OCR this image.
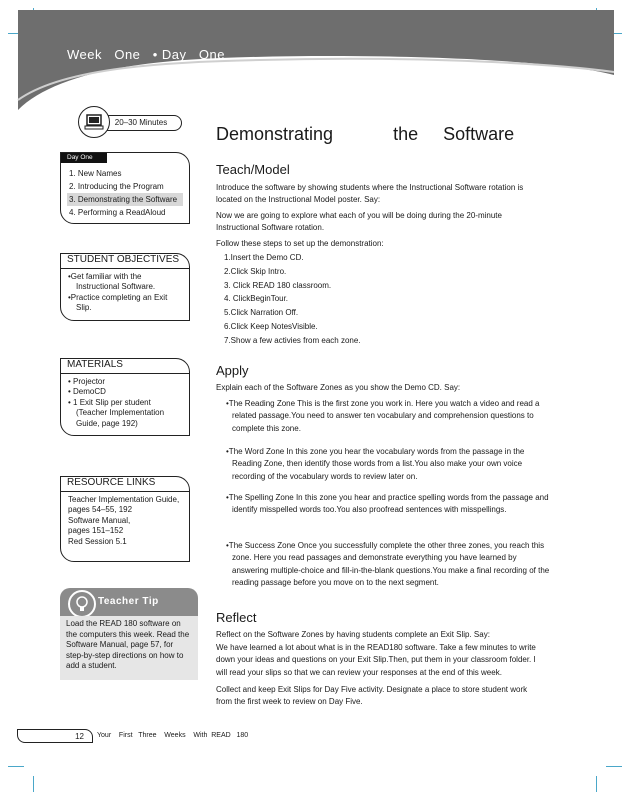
Week   One   • Day   One
20–30 Minutes
Day One
1. New Names
2. Introducing the Program
3. Demonstrating the Software
4. Performing a ReadAloud
STUDENT OBJECTIVES
•Get familiar with the Instructional Software.
•Practice completing an Exit Slip.
MATERIALS
• Projector
• DemoCD
• 1 Exit Slip per student (Teacher Implementation Guide, page 192)
RESOURCE LINKS
Teacher Implementation Guide,
pages 54–55, 192
Software Manual,
pages 151–152
Red Session 5.1
Teacher Tip
Load the READ 180 software on the computers this week. Read the Software Manual, page 57, for step-by-step directions on how to add a student.
Demonstrating            the     Software
Teach/Model
Introduce the software by showing students where the Instructional Software rotation is located on the Instructional Model poster. Say:
Now we are going to explore what each of you will be doing during the 20-minute Instructional Software rotation.
Follow these steps to set up the demonstration:
1.Insert the Demo CD.
2.Click Skip Intro.
3. Click READ 180 classroom.
4. ClickBeginTour.
5.Click Narration Off.
6.Click Keep NotesVisible.
7.Show a few activies from each zone.
Apply
Explain each of the Software Zones as you show the Demo CD. Say:
•The Reading Zone This is the first zone you work in. Here you watch a video and read a related passage.You need to answer ten vocabulary and comprehension questions to complete this zone.
•The Word Zone In this zone you hear the vocabulary words from the passage in the Reading Zone, then identify those words from a list.You also make your own voice recording of the vocabulary words to review later on.
•The Spelling Zone In this zone you hear and practice spelling words from the passage and identify misspelled words too.You also proofread sentences with misspellings.
•The Success Zone Once you successfully complete the other three zones, you reach this zone. Here you read passages and demonstrate everything you have learned by answering multiple-choice and fill-in-the-blank questions.You make a final recording of the reading passage before you move on to the next segment.
Reflect
Reflect on the Software Zones by having students complete an Exit Slip. Say:
We have learned a lot about what is in the READ180 software. Take a few minutes to write down your ideas and questions on your Exit Slip.Then, put them in your classroom folder. I will read your slips so that we can review your responses at the end of this week.
Collect and keep Exit Slips for Day Five activity. Designate a place to store student work from the first week to review on Day Five.
12	Your    First   Three    Weeks    With  READ   180
